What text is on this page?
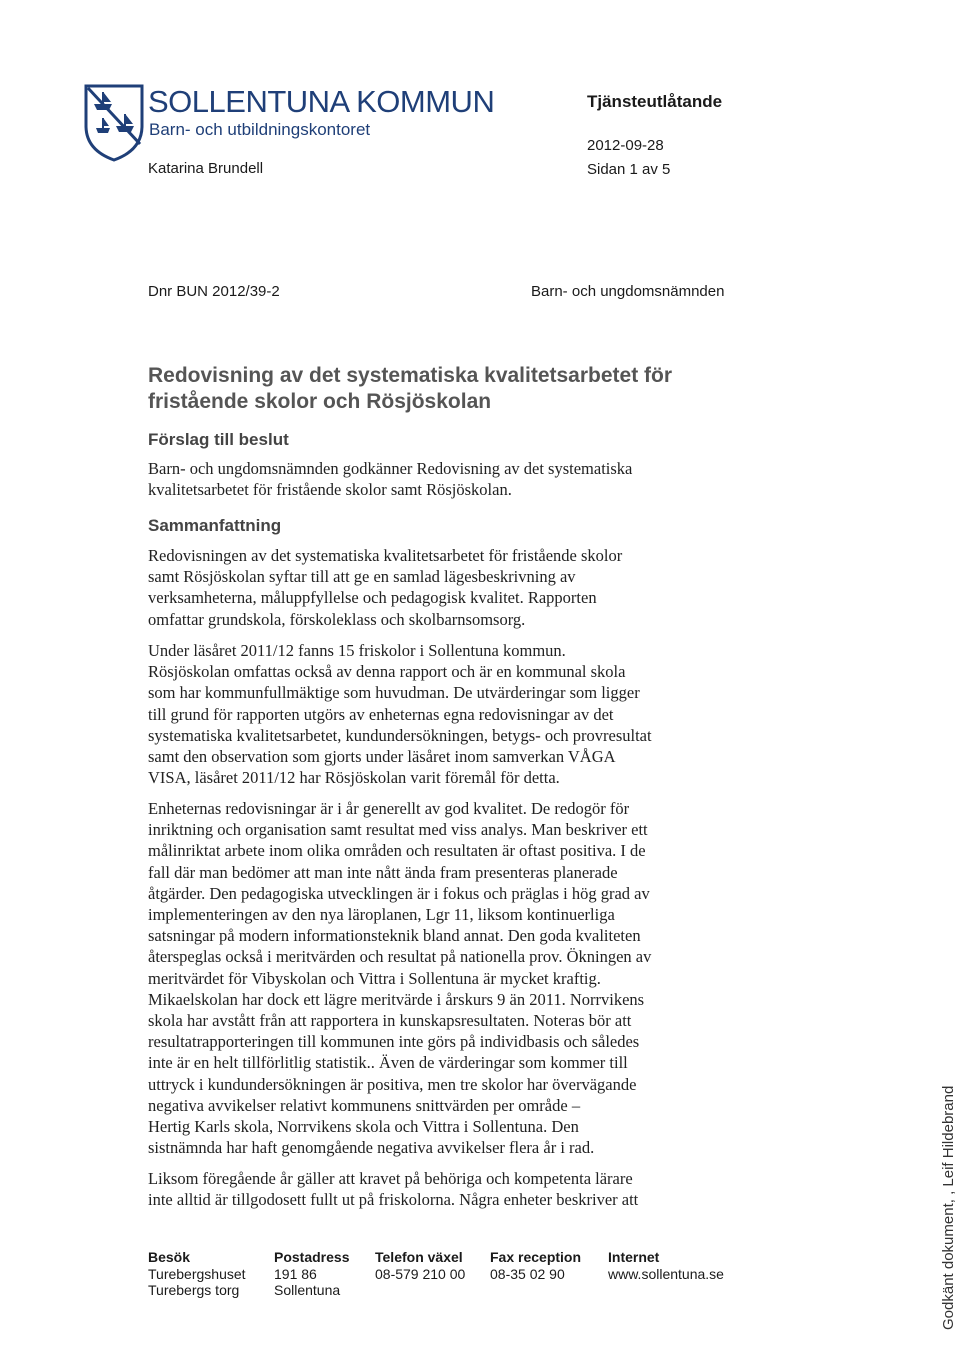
SOLLENTUNA KOMMUN
Barn- och utbildningskontoret
Katarina Brundell
Tjänsteutlåtande
2012-09-28
Sidan 1 av 5
Dnr BUN 2012/39-2	Barn- och ungdomsnämnden
Redovisning av det systematiska kvalitetsarbetet för
fristående skolor och Rösjöskolan
Förslag till beslut

Barn- och ungdomsnämnden godkänner Redovisning av det systematiska
kvalitetsarbetet för fristående skolor samt Rösjöskolan.

Sammanfattning

Redovisningen av det systematiska kvalitetsarbetet för fristående skolor
samt Rösjöskolan syftar till att ge en samlad lägesbeskrivning av
verksamheterna, måluppfyllelse och pedagogisk kvalitet. Rapporten
omfattar grundskola, förskoleklass och skolbarnsomsorg.

Under läsåret 2011/12 fanns 15 friskolor i Sollentuna kommun.
Rösjöskolan omfattas också av denna rapport och är en kommunal skola
som har kommunfullmäktige som huvudman. De utvärderingar som ligger
till grund för rapporten utgörs av enheternas egna redovisningar av det
systematiska kvalitetsarbetet, kundundersökningen, betygs- och provresultat
samt den observation som gjorts under läsåret inom samverkan VÅGA
VISA, läsåret 2011/12 har Rösjöskolan varit föremål för detta.

Enheternas redovisningar är i år generellt av god kvalitet. De redogör för
inriktning och organisation samt resultat med viss analys. Man beskriver ett
målinriktat arbete inom olika områden och resultaten är oftast positiva. I de
fall där man bedömer att man inte nått ända fram presenteras planerade
åtgärder. Den pedagogiska utvecklingen är i fokus och präglas i hög grad av
implementeringen av den nya läroplanen, Lgr 11, liksom kontinuerliga
satsningar på modern informationsteknik bland annat. Den goda kvaliteten
återspeglas också i meritvärden och resultat på nationella prov. Ökningen av
meritvärdet för Vibyskolan och Vittra i Sollentuna är mycket kraftig.
Mikaelskolan har dock ett lägre meritvärde i årskurs 9 än 2011. Norrvikens
skola har avstått från att rapportera in kunskapsresultaten. Noteras bör att
resultatrapporteringen till kommunen inte görs på individbasis och således
inte är en helt tillförlitlig statistik.. Även de värderingar som kommer till
uttryck i kundundersökningen är positiva, men tre skolor har övervägande
negativa avvikelser relativt kommunens snittvärden per område –
Hertig Karls skola, Norrvikens skola och Vittra i Sollentuna. Den
sistnämnda har haft genomgående negativa avvikelser flera år i rad.

Liksom föregående år gäller att kravet på behöriga och kompetenta lärare
inte alltid är tillgodosett fullt ut på friskolorna. Några enheter beskriver att

Besök
Turebergshuset
Turebergs torg
Postadress
191 86
Sollentuna
Telefon växel
08-579 210 00
Fax reception
08-35 02 90
Internet
www.sollentuna.se	Godkänt dokument, , Leif Hildebrand
